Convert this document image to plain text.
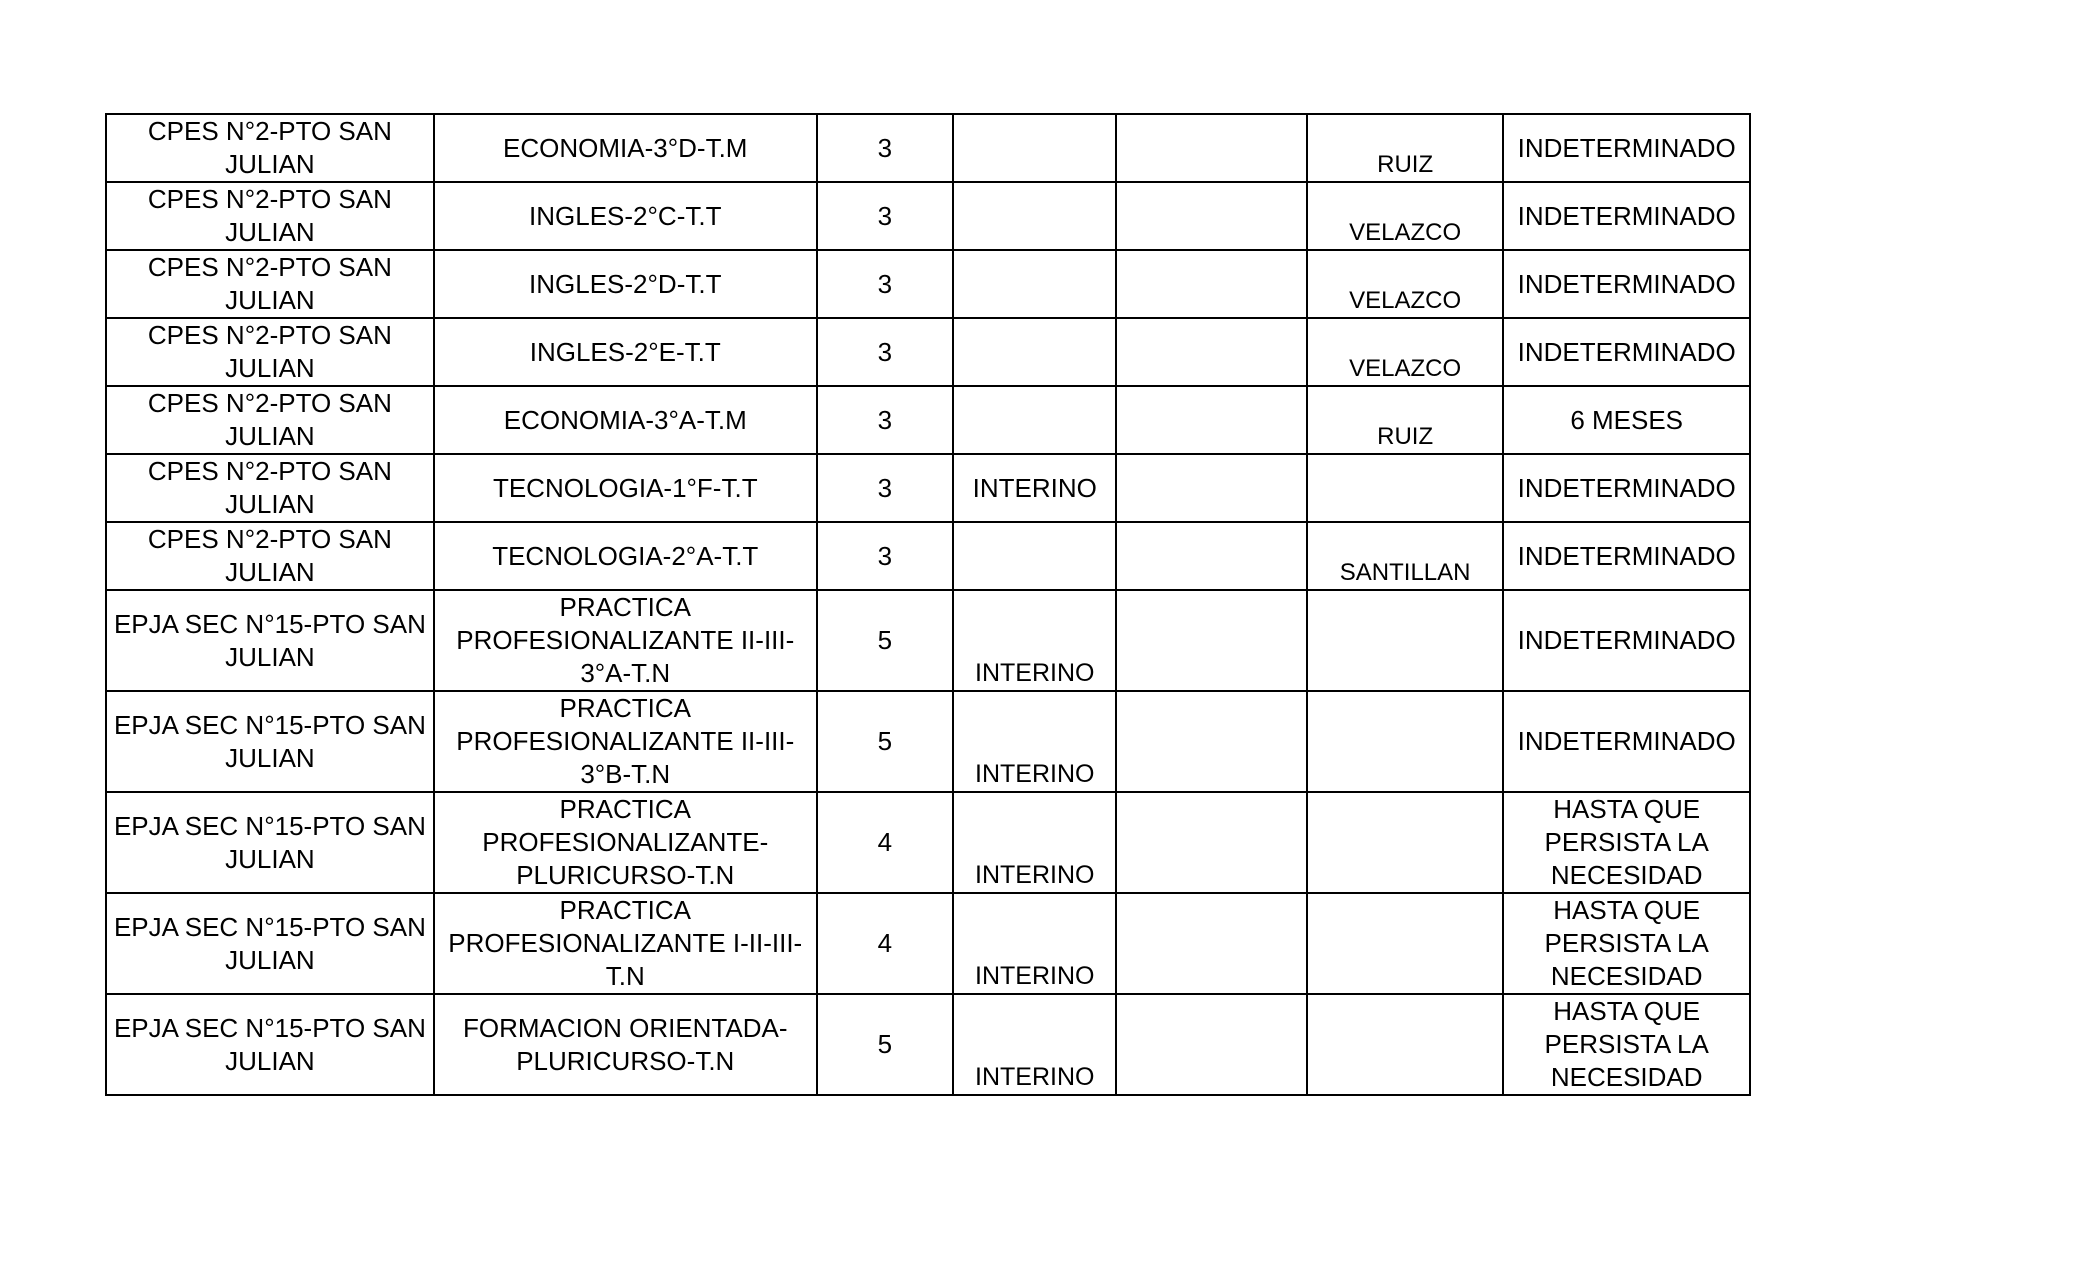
CPES N°2-PTO SAN JULIAN	ECONOMIA-3°D-T.M	3			RUIZ	INDETERMINADO
CPES N°2-PTO SAN JULIAN	INGLES-2°C-T.T	3			VELAZCO	INDETERMINADO
CPES N°2-PTO SAN JULIAN	INGLES-2°D-T.T	3			VELAZCO	INDETERMINADO
CPES N°2-PTO SAN JULIAN	INGLES-2°E-T.T	3			VELAZCO	INDETERMINADO
CPES N°2-PTO SAN JULIAN	ECONOMIA-3°A-T.M	3			RUIZ	6 MESES
CPES N°2-PTO SAN JULIAN	TECNOLOGIA-1°F-T.T	3	INTERINO			INDETERMINADO
CPES N°2-PTO SAN JULIAN	TECNOLOGIA-2°A-T.T	3			SANTILLAN	INDETERMINADO
EPJA SEC N°15-PTO SAN JULIAN	PRACTICA PROFESIONALIZANTE II-III-3°A-T.N	5	INTERINO			INDETERMINADO
EPJA SEC N°15-PTO SAN JULIAN	PRACTICA PROFESIONALIZANTE II-III-3°B-T.N	5	INTERINO			INDETERMINADO
EPJA SEC N°15-PTO SAN JULIAN	PRACTICA PROFESIONALIZANTE-PLURICURSO-T.N	4	INTERINO			HASTA QUE PERSISTA LA NECESIDAD
EPJA SEC N°15-PTO SAN JULIAN	PRACTICA PROFESIONALIZANTE I-II-III-T.N	4	INTERINO			HASTA QUE PERSISTA LA NECESIDAD
EPJA SEC N°15-PTO SAN JULIAN	FORMACION ORIENTADA-PLURICURSO-T.N	5	INTERINO			HASTA QUE PERSISTA LA NECESIDAD
